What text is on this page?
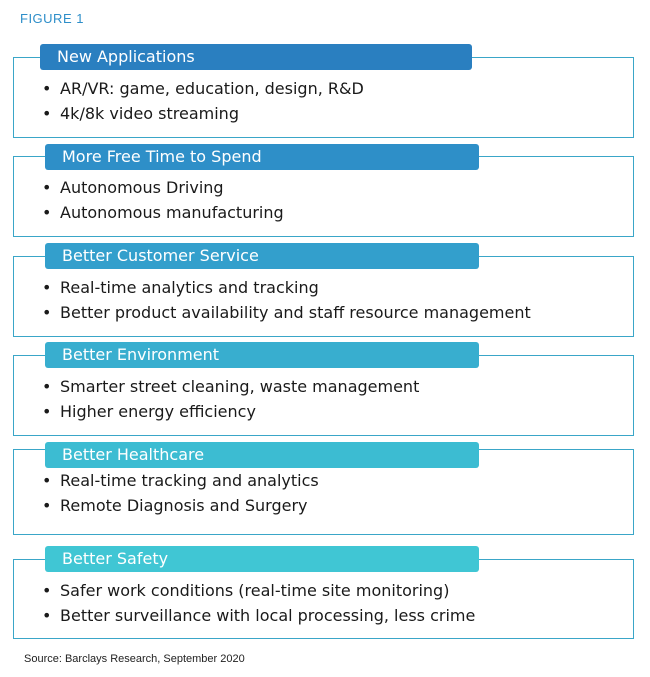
FIGURE 1
New Applications
• AR/VR: game, education, design, R&D
• 4k/8k video streaming
More Free Time to Spend
• Autonomous Driving
• Autonomous manufacturing
Better Customer Service
• Real-time analytics and tracking
• Better product availability and staff resource management
Better Environment
• Smarter street cleaning, waste management
• Higher energy efficiency
Better Healthcare
• Real-time tracking and analytics
• Remote Diagnosis and Surgery
Better Safety
• Safer work conditions (real-time site monitoring)
• Better surveillance with local processing, less crime
Source: Barclays Research, September 2020
